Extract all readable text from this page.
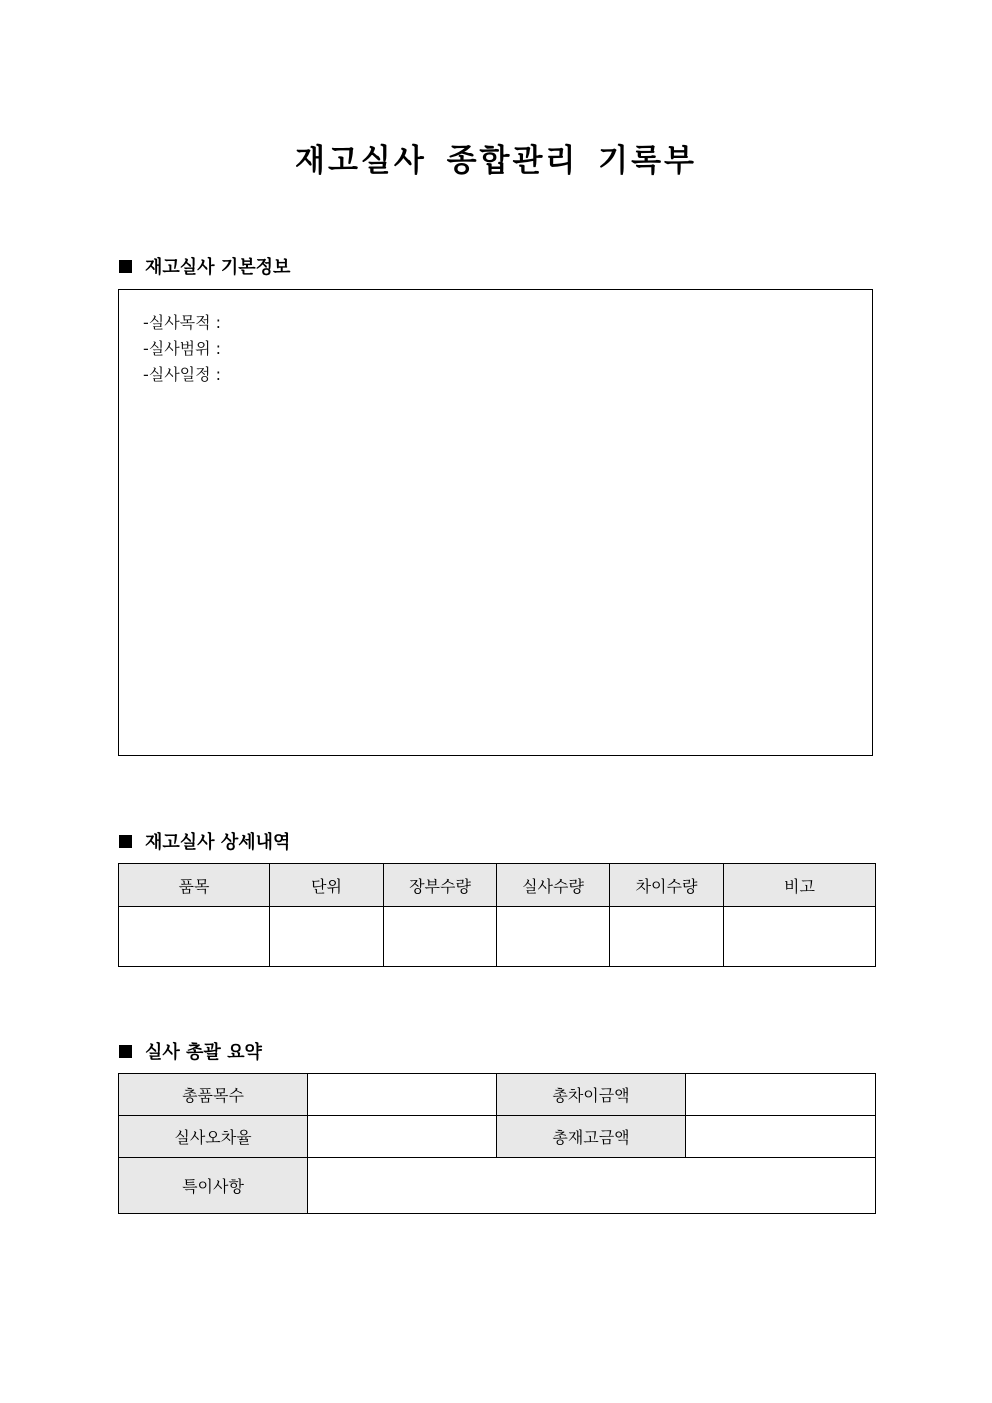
재고실사 종합관리 기록부
재고실사 기본정보
-실사목적 :
-실사범위 :
-실사일정 :
재고실사 상세내역
품목	단위	장부수량	실사수량	차이수량	비고

실사 총괄 요약
총품목수		총차이금액	
실사오차율		총재고금액	
특이사항			
